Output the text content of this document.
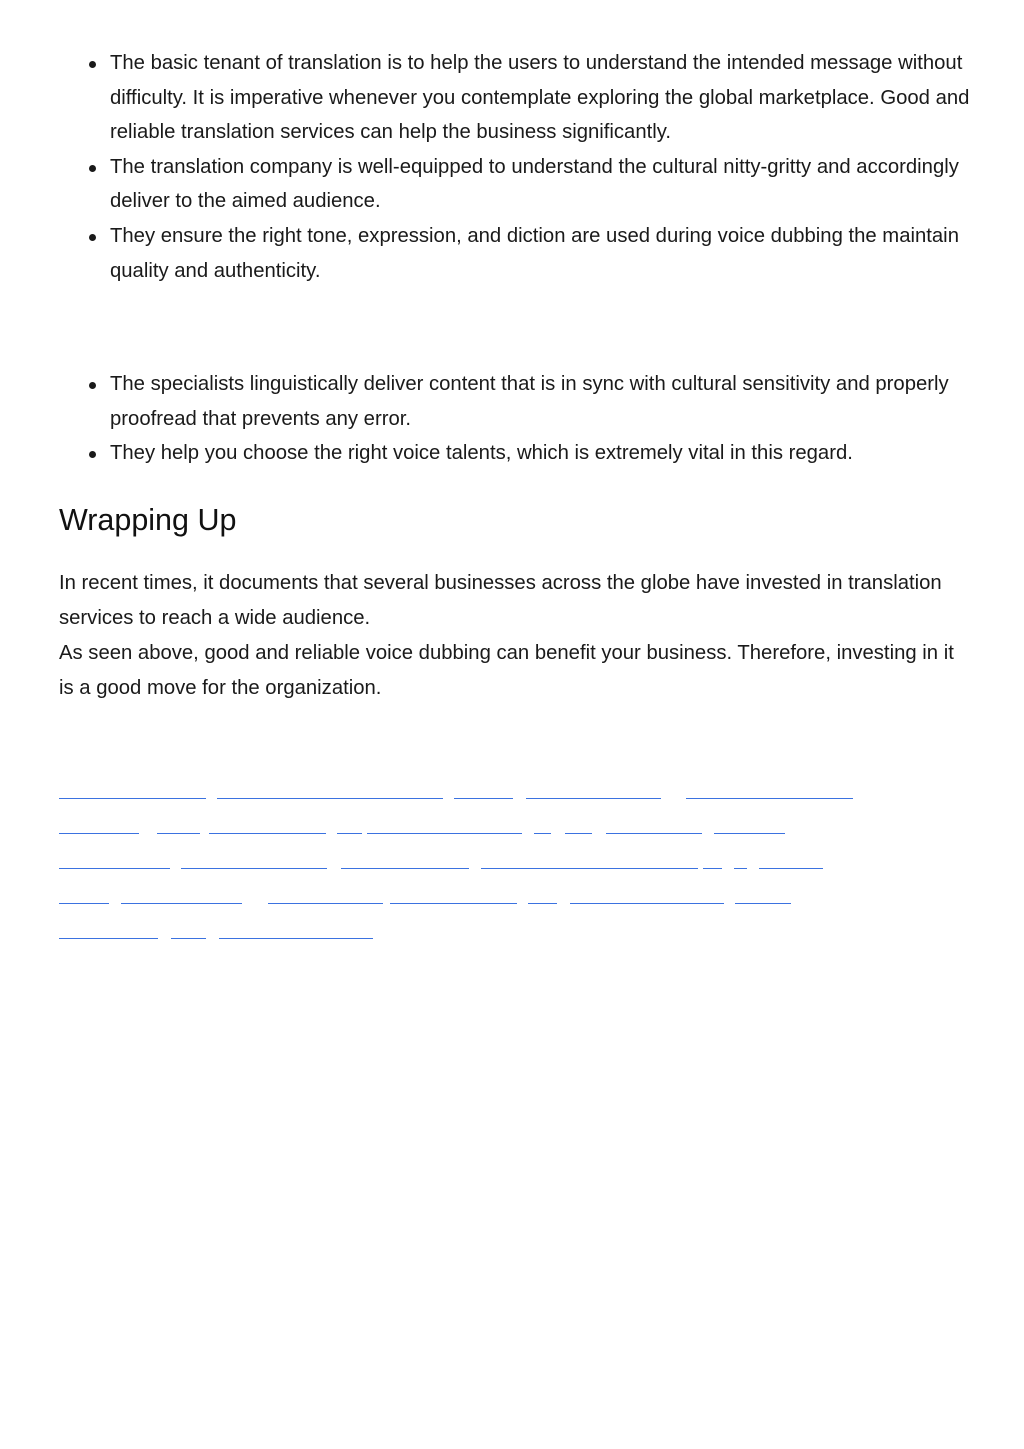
The basic tenant of translation is to help the users to understand the intended message without difficulty. It is imperative whenever you contemplate exploring the global marketplace. Good and reliable translation services can help the business significantly.
The translation company is well-equipped to understand the cultural nitty-gritty and accordingly deliver to the aimed audience.
They ensure the right tone, expression, and diction are used during voice dubbing the maintain quality and authenticity.
The specialists linguistically deliver content that is in sync with cultural sensitivity and properly proofread that prevents any error.
They help you choose the right voice talents, which is extremely vital in this regard.
Wrapping Up

In recent times, it documents that several businesses across the globe have invested in translation services to reach a wide audience.

As seen above, good and reliable voice dubbing can benefit your business. Therefore, investing in it is a good move for the organization.
